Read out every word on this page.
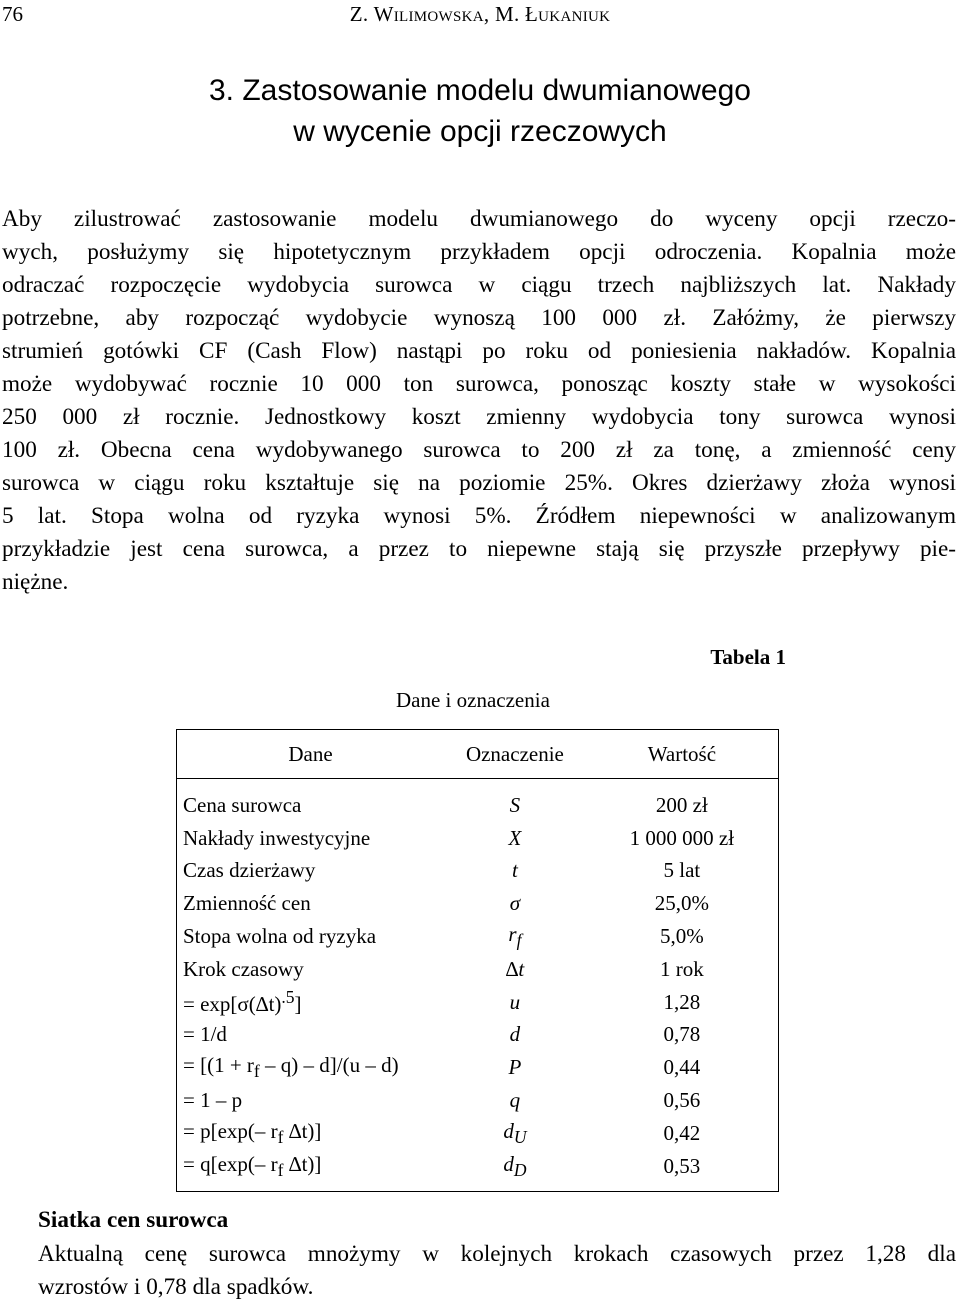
76	Z. Wilimowska, M. Łukaniuk
3. Zastosowanie modelu dwumianowego
w wycenie opcji rzeczowych
Aby zilustrować zastosowanie modelu dwumianowego do wyceny opcji rzeczo-
wych, posłużymy się hipotetycznym przykładem opcji odroczenia. Kopalnia może
odraczać rozpoczęcie wydobycia surowca w ciągu trzech najbliższych lat. Nakłady
potrzebne, aby rozpocząć wydobycie wynoszą 100 000 zł. Załóżmy, że pierwszy
strumień gotówki CF (Cash Flow) nastąpi po roku od poniesienia nakładów. Kopalnia
może wydobywać rocznie 10 000 ton surowca, ponosząc koszty stałe w wysokości
250 000 zł rocznie. Jednostkowy koszt zmienny wydobycia tony surowca wynosi
100 zł. Obecna cena wydobywanego surowca to 200 zł za tonę, a zmienność ceny
surowca w ciągu roku kształtuje się na poziomie 25%. Okres dzierżawy złoża wynosi
5 lat. Stopa wolna od ryzyka wynosi 5%. Źródłem niepewności w analizowanym
przykładzie jest cena surowca, a przez to niepewne stają się przyszłe przepływy pie-
niężne.
Tabela 1
Dane i oznaczenia
Dane	Oznaczenie	Wartość
Cena surowca	S	200 zł
Nakłady inwestycyjne	X	1 000 000 zł
Czas dzierżawy	t	5 lat
Zmienność cen	σ	25,0%
Stopa wolna od ryzyka	$r_f$	5,0%
Krok czasowy	∆t	1 rok
= $\exp[\sigma(\Delta t)^{.5}]$	u	1,28
= 1/d	d	0,78
= $[(1 + r_f - q) - d]/(u - d)$	P	0,44
= 1 – p	q	0,56
= p[exp(– $r_f$ ∆t)]	$d_U$	0,42
= q[exp(– $r_f$ ∆t)]	$d_D$	0,53
Siatka cen surowca
Aktualną cenę surowca mnożymy w kolejnych krokach czasowych przez 1,28 dla
wzrostów i 0,78 dla spadków.
